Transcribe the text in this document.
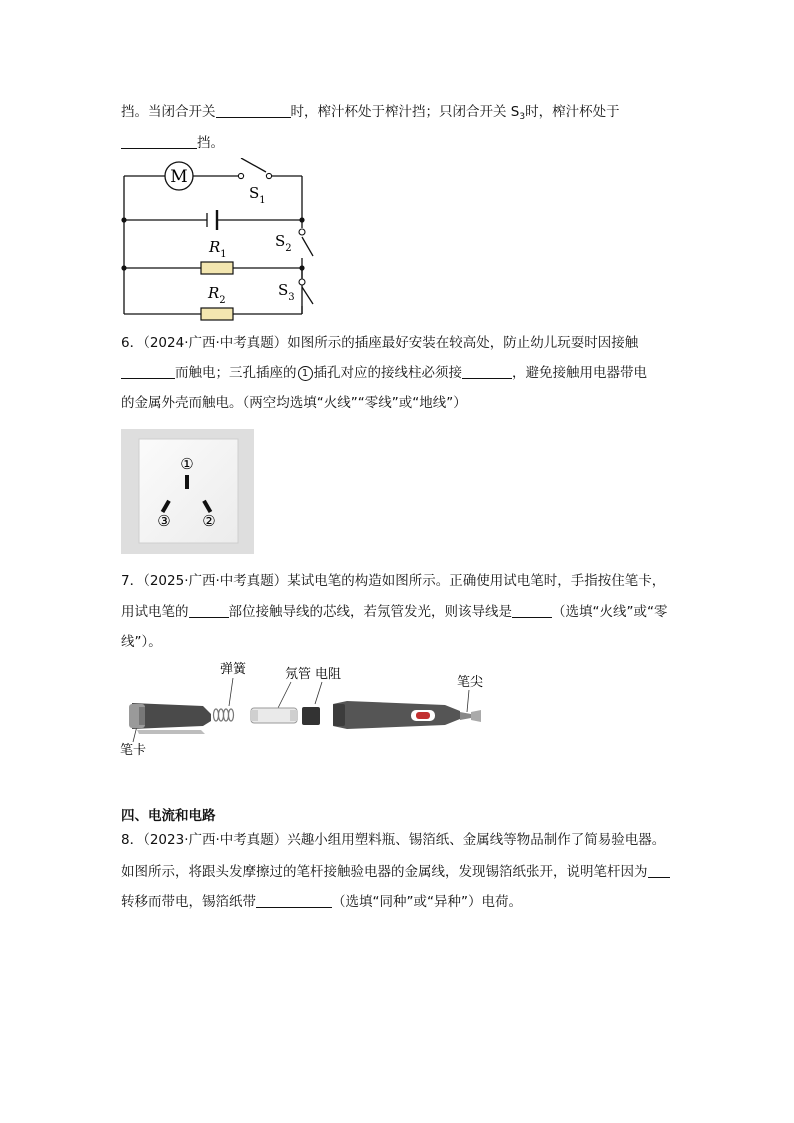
挡。当闭合开关	时，榨汁杯处于榨汁挡；只闭合开关 $S_3$时，榨汁杯处于
挡。
M
$S_1$
$S_2$
$S_3$
$R_1$
$R_2$
6．（2024·广西·中考真题）如图所示的插座最好安装在较高处，防止幼儿玩耍时因接触
而触电；三孔插座的 1 插孔对应的接线柱必须接	，避免接触用电器带电
的金属外壳而触电。（两空均选填“火线”“零线”或“地线”）
①
②
③
7．（2025·广西·中考真题）某试电笔的构造如图所示。正确使用试电笔时，手指按住笔卡，
用试电笔的	部位接触导线的芯线，若氖管发光，则该导线是	（选填“火线”或“零
线”）。
弹簧	氖管 电阻
笔尖
笔卡
四、电流和电路
8．（2023·广西·中考真题）兴趣小组用塑料瓶、锡箔纸、金属线等物品制作了简易验电器。
如图所示，将跟头发摩擦过的笔杆接触验电器的金属线，发现锡箔纸张开，说明笔杆因为
转移而带电，锡箔纸带	（选填“同种”或“异种”）电荷。
